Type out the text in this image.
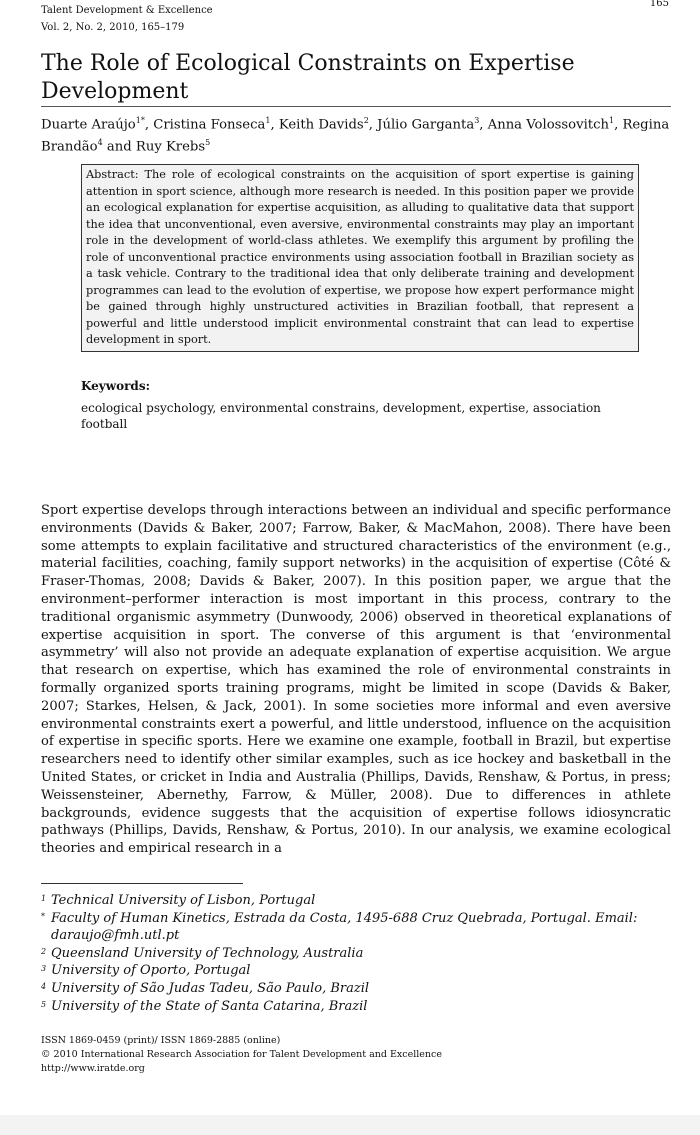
Talent Development & Excellence
Vol. 2, No. 2, 2010, 165–179
165
The Role of Ecological Constraints on Expertise Development
Duarte Araújo$^{1*}$, Cristina Fonseca$^1$, Keith Davids$^2$, Júlio Garganta$^3$, Anna Volossovitch$^1$, Regina Brandão$^4$ and Ruy Krebs$^5$
Abstract: The role of ecological constraints on the acquisition of sport expertise is gaining attention in sport science, although more research is needed. In this position paper we provide an ecological explanation for expertise acquisition, as alluding to qualitative data that support the idea that unconventional, even aversive, environmental constraints may play an important role in the development of world-class athletes. We exemplify this argument by profiling the role of unconventional practice environments using association football in Brazilian society as a task vehicle. Contrary to the traditional idea that only deliberate training and development programmes can lead to the evolution of expertise, we propose how expert performance might be gained through highly unstructured activities in Brazilian football, that represent a powerful and little understood implicit environmental constraint that can lead to expertise development in sport.
Keywords:
ecological psychology, environmental constrains, development, expertise, association football
Sport expertise develops through interactions between an individual and specific performance environments (Davids & Baker, 2007; Farrow, Baker, & MacMahon, 2008). There have been some attempts to explain facilitative and structured characteristics of the environment (e.g., material facilities, coaching, family support networks) in the acquisition of expertise (Côté & Fraser-Thomas, 2008; Davids & Baker, 2007). In this position paper, we argue that the environment–performer interaction is most important in this process, contrary to the traditional organismic asymmetry (Dunwoody, 2006) observed in theoretical explanations of expertise acquisition in sport. The converse of this argument is that ‘environmental asymmetry’ will also not provide an adequate explanation of expertise acquisition. We argue that research on expertise, which has examined the role of environmental constraints in formally organized sports training programs, might be limited in scope (Davids & Baker, 2007; Starkes, Helsen, & Jack, 2001). In some societies more informal and even aversive environmental constraints exert a powerful, and little understood, influence on the acquisition of expertise in specific sports. Here we examine one example, football in Brazil, but expertise researchers need to identify other similar examples, such as ice hockey and basketball in the United States, or cricket in India and Australia (Phillips, Davids, Renshaw, & Portus, in press; Weissensteiner, Abernethy, Farrow, & Müller, 2008). Due to differences in athlete backgrounds, evidence suggests that the acquisition of expertise follows idiosyncratic pathways (Phillips, Davids, Renshaw, & Portus, 2010). In our analysis, we examine ecological theories and empirical research in a
1 Technical University of Lisbon, Portugal
* Faculty of Human Kinetics, Estrada da Costa, 1495-688 Cruz Quebrada, Portugal. Email: daraujo@fmh.utl.pt
2 Queensland University of Technology, Australia
3 University of Oporto, Portugal
4 University of São Judas Tadeu, São Paulo, Brazil
5 University of the State of Santa Catarina, Brazil
ISSN 1869-0459 (print)/ ISSN 1869-2885 (online)
© 2010 International Research Association for Talent Development and Excellence
http://www.iratde.org
